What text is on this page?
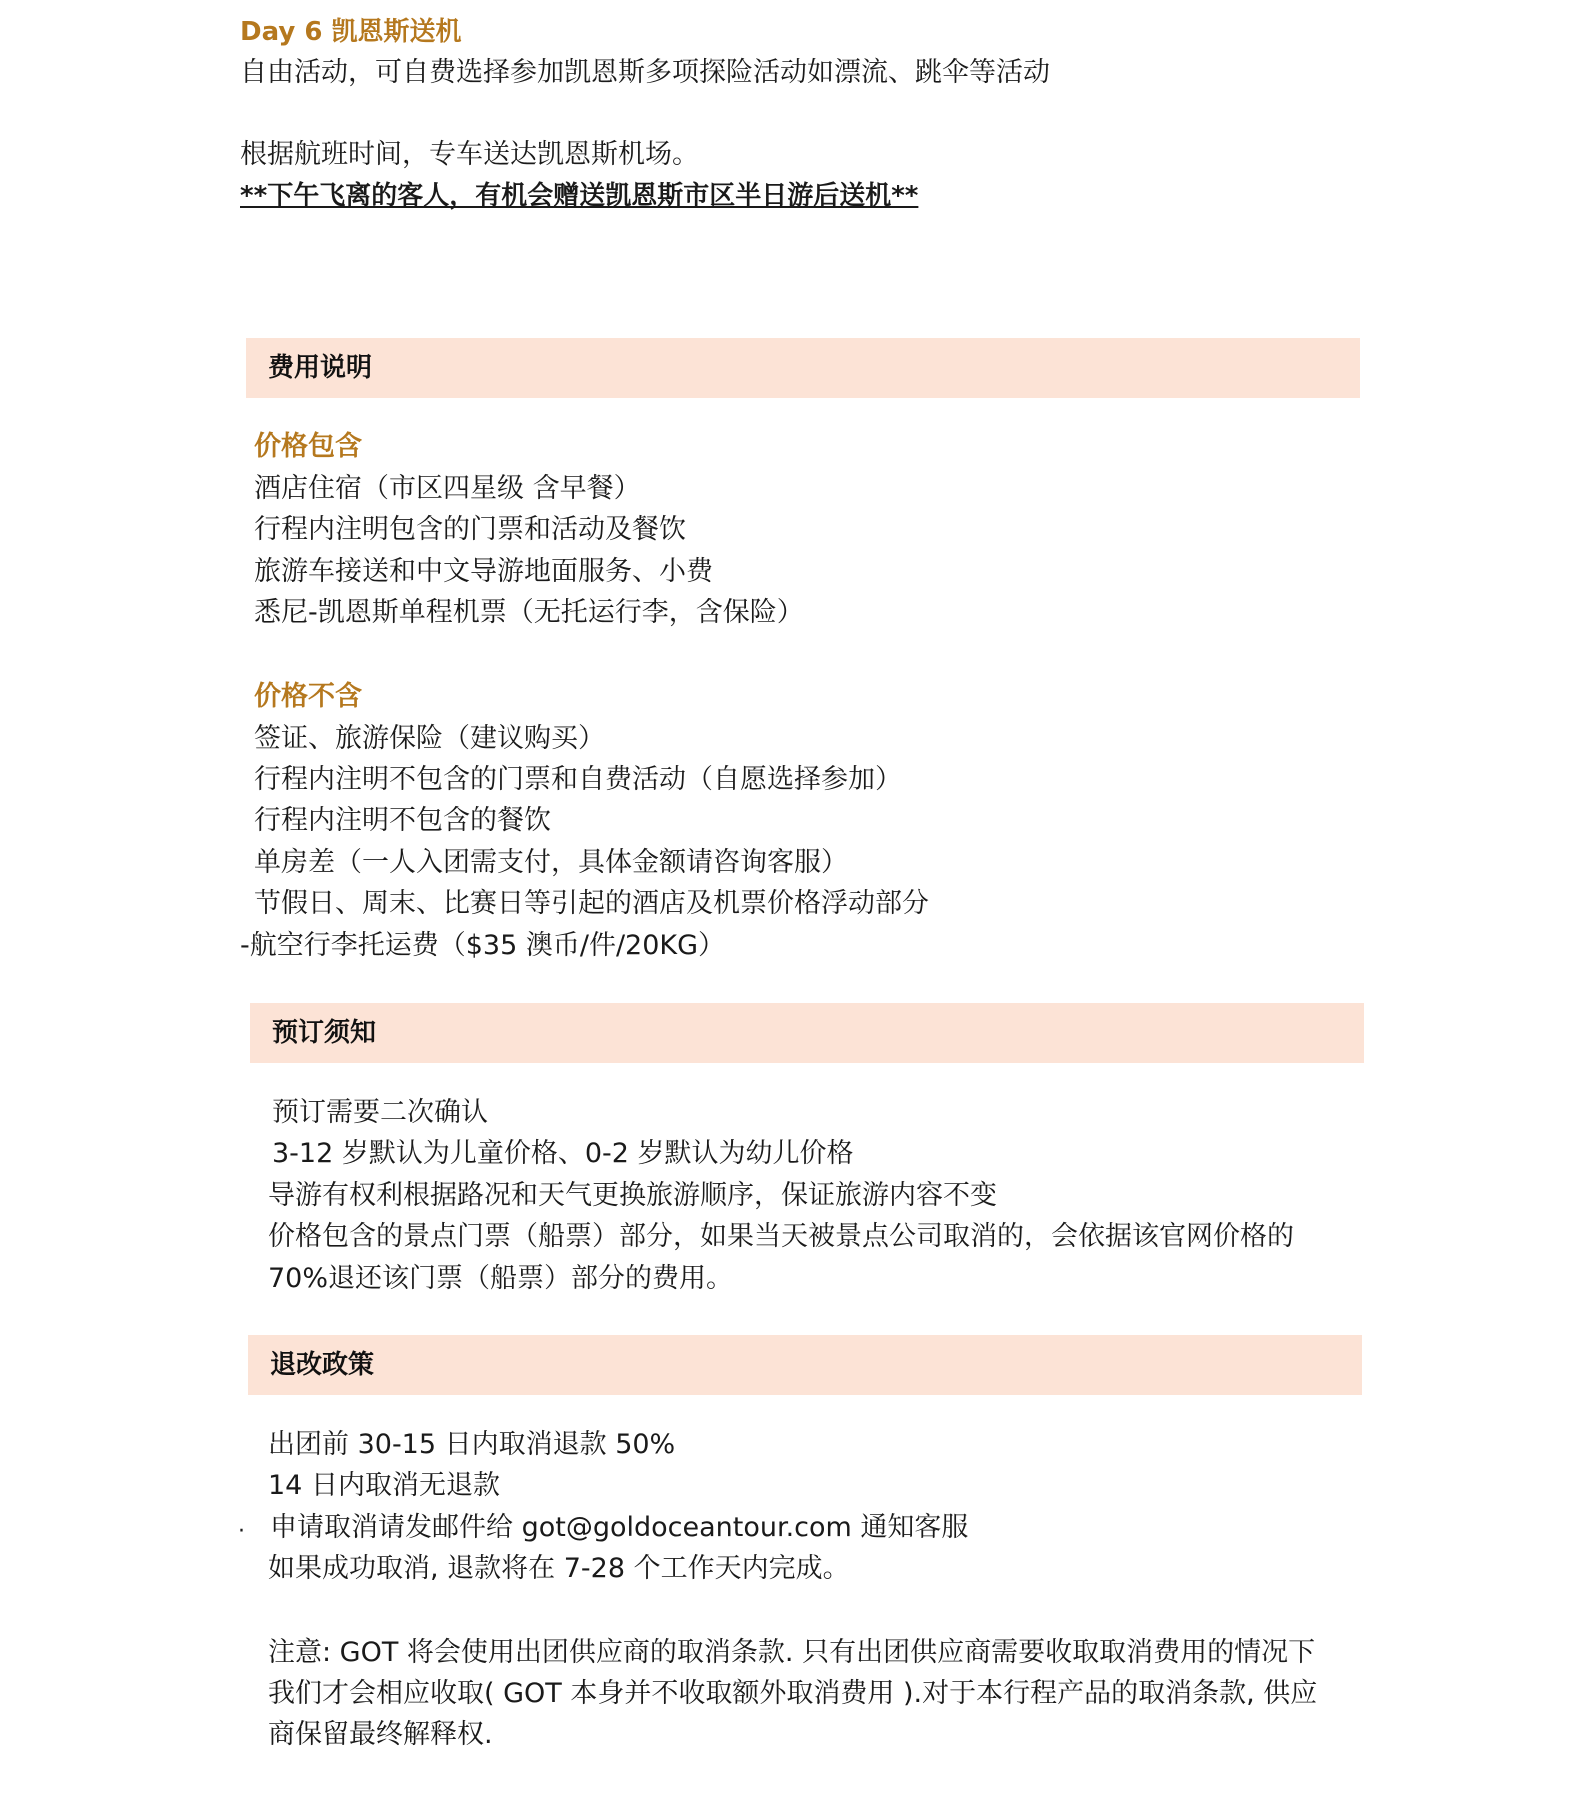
Day 6 凯恩斯送机
自由活动，可自费选择参加凯恩斯多项探险活动如漂流、跳伞等活动
根据航班时间，专车送达凯恩斯机场。
**下午飞离的客人，有机会赠送凯恩斯市区半日游后送机**
费用说明
价格包含
酒店住宿（市区四星级 含早餐）
行程内注明包含的门票和活动及餐饮
旅游车接送和中文导游地面服务、小费
悉尼-凯恩斯单程机票（无托运行李，含保险）
价格不含
签证、旅游保险（建议购买）
行程内注明不包含的门票和自费活动（自愿选择参加）
行程内注明不包含的餐饮
单房差（一人入团需支付，具体金额请咨询客服）
节假日、周末、比赛日等引起的酒店及机票价格浮动部分
-航空行李托运费（$35 澳币/件/20KG）
预订须知
预订需要二次确认
3-12 岁默认为儿童价格、0-2 岁默认为幼儿价格
导游有权利根据路况和天气更换旅游顺序，保证旅游内容不变
价格包含的景点门票（船票）部分，如果当天被景点公司取消的，会依据该官网价格的
70%退还该门票（船票）部分的费用。
退改政策
出团前 30-15 日内取消退款 50%
14 日内取消无退款
· 申请取消请发邮件给 got@goldoceantour.com 通知客服
如果成功取消, 退款将在 7-28 个工作天内完成。
注意: GOT 将会使用出团供应商的取消条款. 只有出团供应商需要收取取消费用的情况下
我们才会相应收取( GOT 本身并不收取额外取消费用 ).对于本行程产品的取消条款, 供应
商保留最终解释权.
